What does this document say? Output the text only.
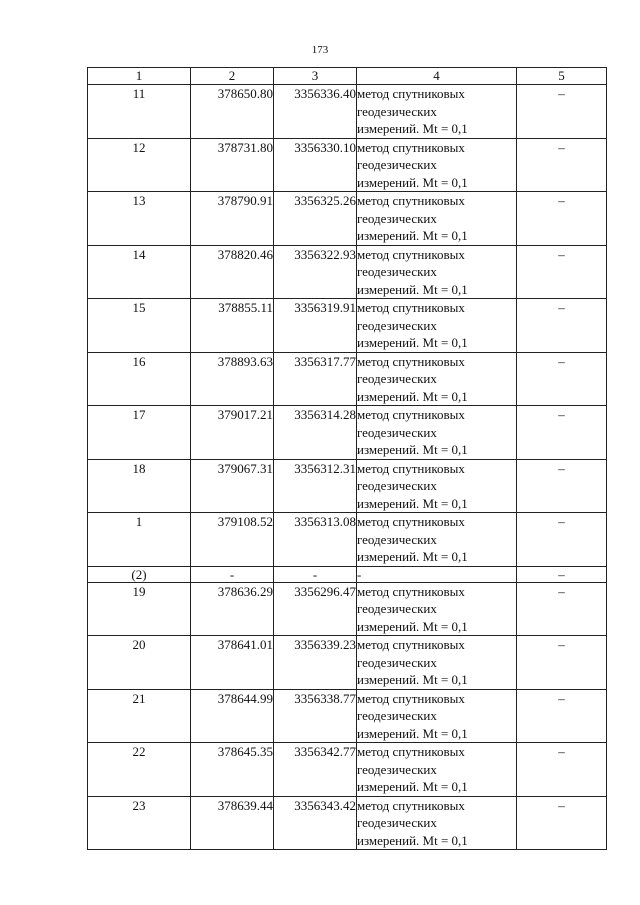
173
1	2	3	4	5
11	378650.80	3356336.40	метод спутниковых
геодезических
измерений. Mt = 0,1	–
12	378731.80	3356330.10	метод спутниковых
геодезических
измерений. Mt = 0,1	–
13	378790.91	3356325.26	метод спутниковых
геодезических
измерений. Mt = 0,1	–
14	378820.46	3356322.93	метод спутниковых
геодезических
измерений. Mt = 0,1	–
15	378855.11	3356319.91	метод спутниковых
геодезических
измерений. Mt = 0,1	–
16	378893.63	3356317.77	метод спутниковых
геодезических
измерений. Mt = 0,1	–
17	379017.21	3356314.28	метод спутниковых
геодезических
измерений. Mt = 0,1	–
18	379067.31	3356312.31	метод спутниковых
геодезических
измерений. Mt = 0,1	–
1	379108.52	3356313.08	метод спутниковых
геодезических
измерений. Mt = 0,1	–
(2)	-	-	-	–
19	378636.29	3356296.47	метод спутниковых
геодезических
измерений. Mt = 0,1	–
20	378641.01	3356339.23	метод спутниковых
геодезических
измерений. Mt = 0,1	–
21	378644.99	3356338.77	метод спутниковых
геодезических
измерений. Mt = 0,1	–
22	378645.35	3356342.77	метод спутниковых
геодезических
измерений. Mt = 0,1	–
23	378639.44	3356343.42	метод спутниковых
геодезических
измерений. Mt = 0,1	–
